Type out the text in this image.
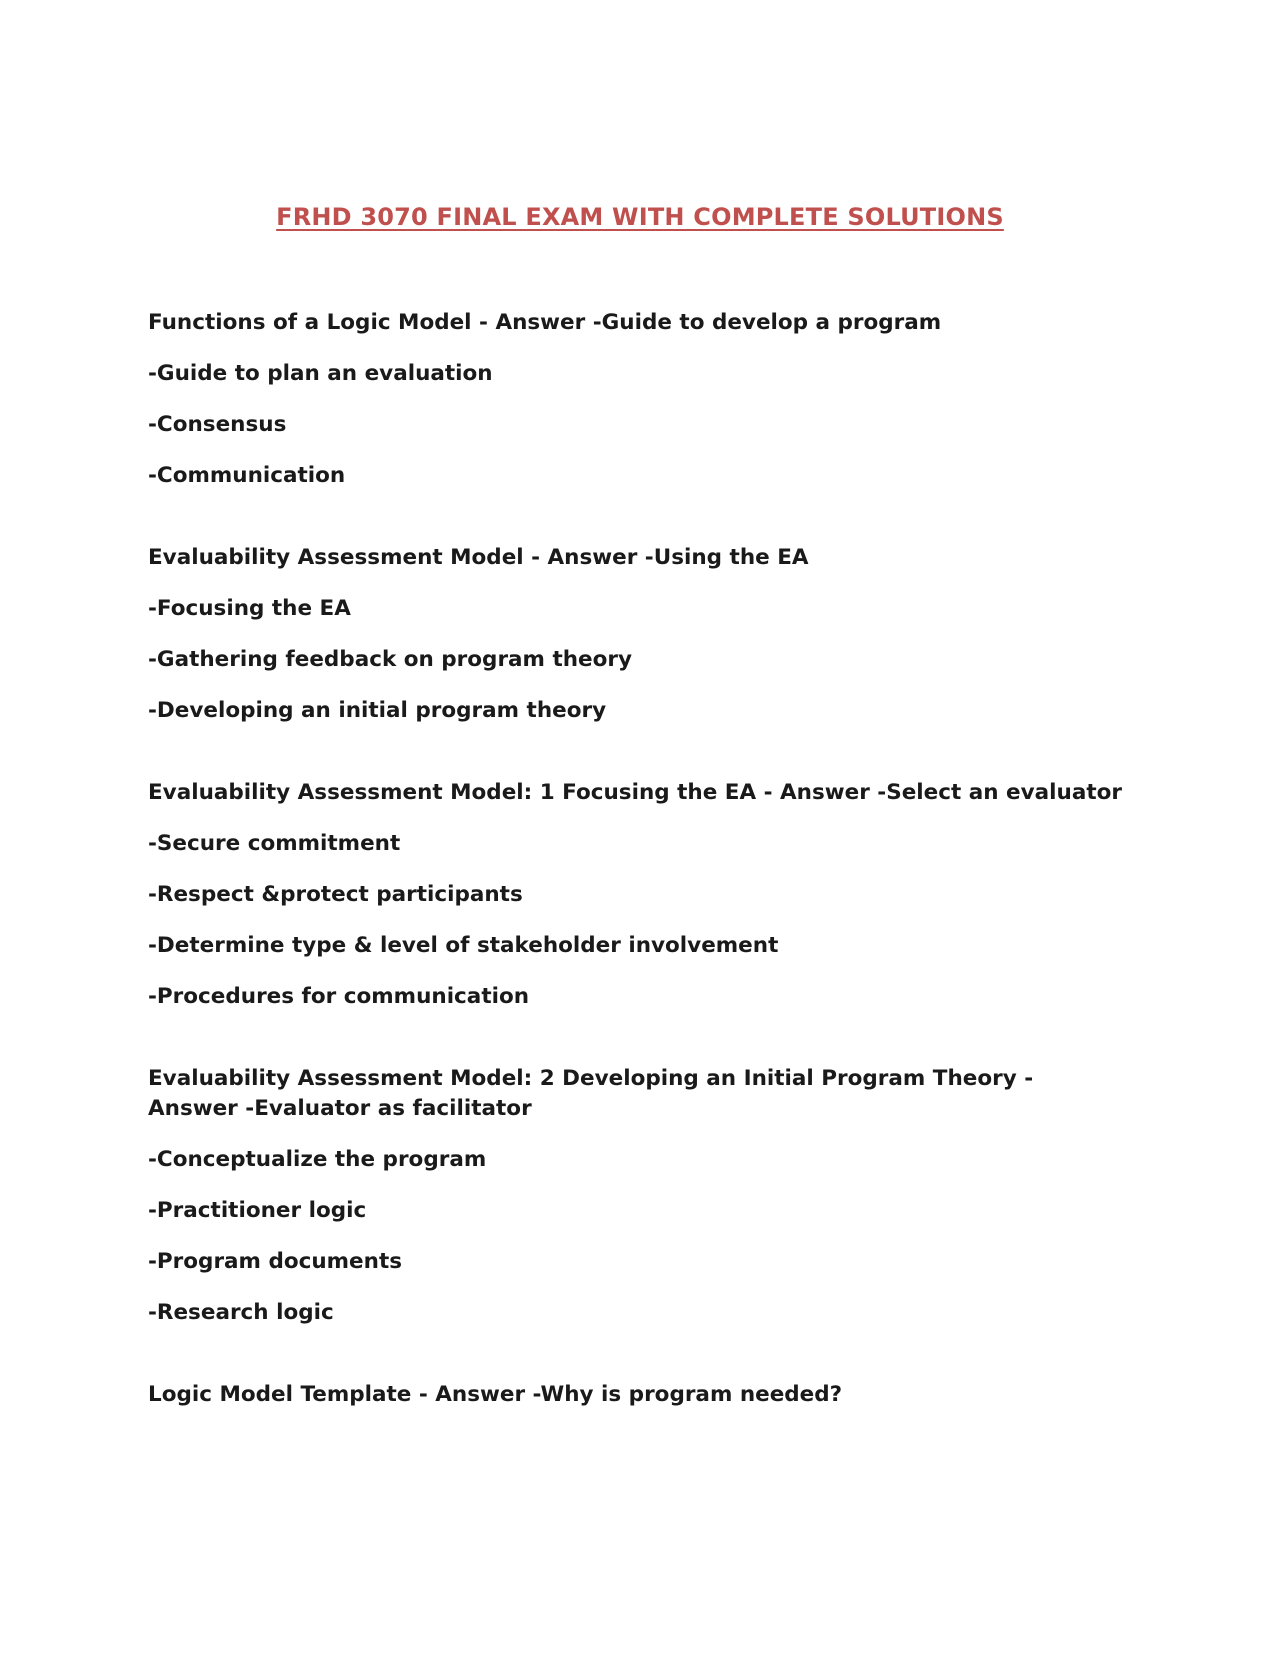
FRHD 3070 FINAL EXAM WITH COMPLETE SOLUTIONS

Functions of a Logic Model - Answer -Guide to develop a program

-Guide to plan an evaluation

-Consensus

-Communication

Evaluability Assessment Model - Answer -Using the EA

-Focusing the EA

-Gathering feedback on program theory

-Developing an initial program theory

Evaluability Assessment Model: 1 Focusing the EA - Answer -Select an evaluator

-Secure commitment

-Respect &protect participants

-Determine type & level of stakeholder involvement

-Procedures for communication

Evaluability Assessment Model: 2 Developing an Initial Program Theory - Answer -Evaluator as facilitator

-Conceptualize the program

-Practitioner logic

-Program documents

-Research logic

Logic Model Template - Answer -Why is program needed?
